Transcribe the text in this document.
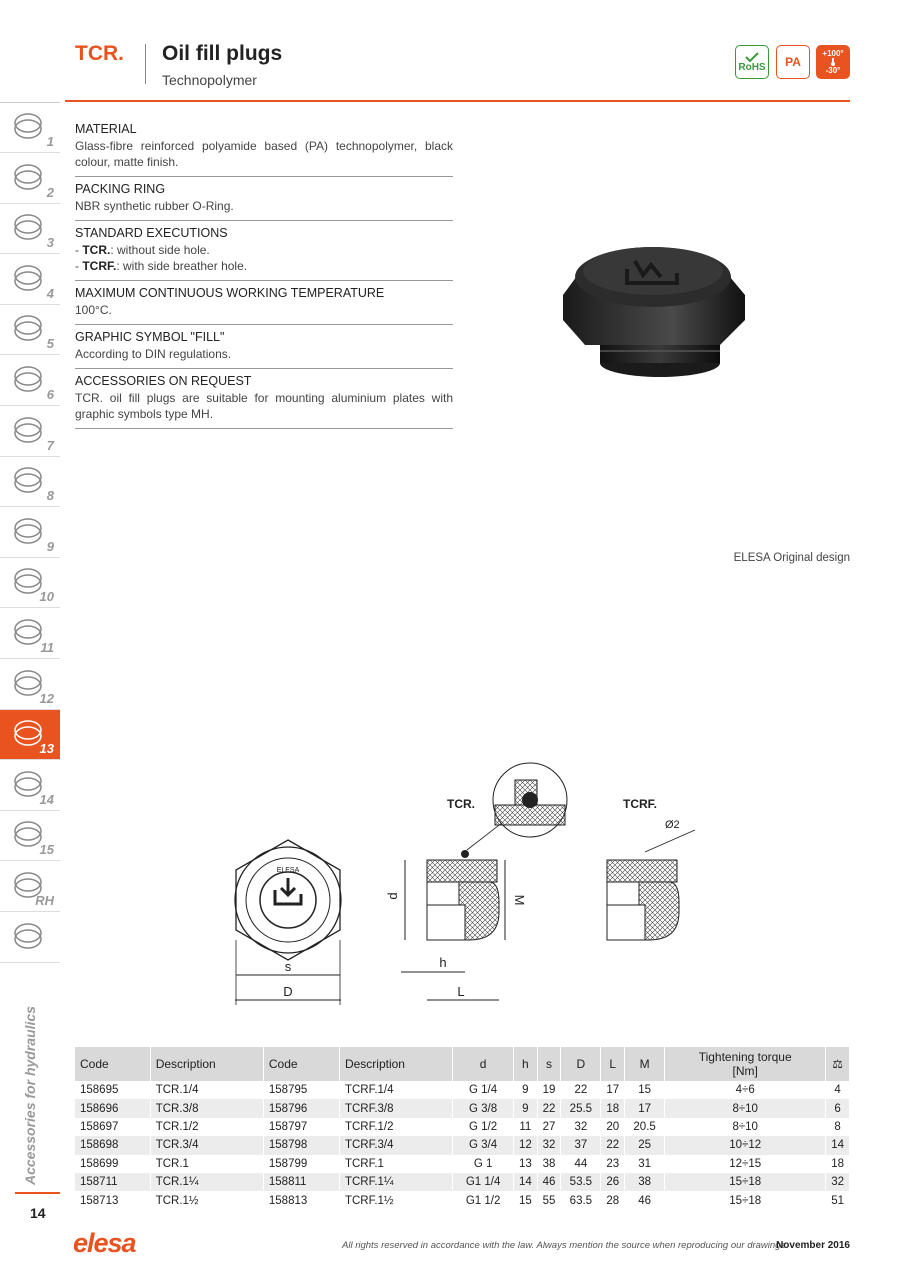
TCR. Oil fill plugs
Technopolymer
RoHS	PA
+100°
-30°
1
2
3
4
5
6
7
8
9
10
11
12
13
14
15
RH
Accessories for hydraulics
14
MATERIAL

Glass-fibre reinforced polyamide based (PA) technopolymer, black colour, matte finish.

PACKING RING

NBR synthetic rubber O-Ring.

STANDARD EXECUTIONS

- TCR.: without side hole.

- TCRF.: with side breather hole.

MAXIMUM CONTINUOUS WORKING TEMPERATURE

100°C.

GRAPHIC SYMBOL "FILL"

According to DIN regulations.

ACCESSORIES ON REQUEST

TCR. oil fill plugs are suitable for mounting aluminium plates with graphic symbols type MH.

ELESA Original design
ELESA
s
D
TCR.
d	M
h
L
TCRF.
Ø2
Code	Description	Code	Description	d	h	s	D	L	M	Tightening torque
[Nm]	⚖
158695	TCR.1/4	158795	TCRF.1/4	G 1/4	9	19	22	17	15	4÷6	4
158696	TCR.3/8	158796	TCRF.3/8	G 3/8	9	22	25.5	18	17	8÷10	6
158697	TCR.1/2	158797	TCRF.1/2	G 1/2	11	27	32	20	20.5	8÷10	8
158698	TCR.3/4	158798	TCRF.3/4	G 3/4	12	32	37	22	25	10÷12	14
158699	TCR.1	158799	TCRF.1	G 1	13	38	44	23	31	12÷15	18
158711	TCR.1¼	158811	TCRF.1¼	G1 1/4	14	46	53.5	26	38	15÷18	32
158713	TCR.1½	158813	TCRF.1½	G1 1/2	15	55	63.5	28	46	15÷18	51
elesa	All rights reserved in accordance with the law. Always mention the source when reproducing our drawings.
November 2016
